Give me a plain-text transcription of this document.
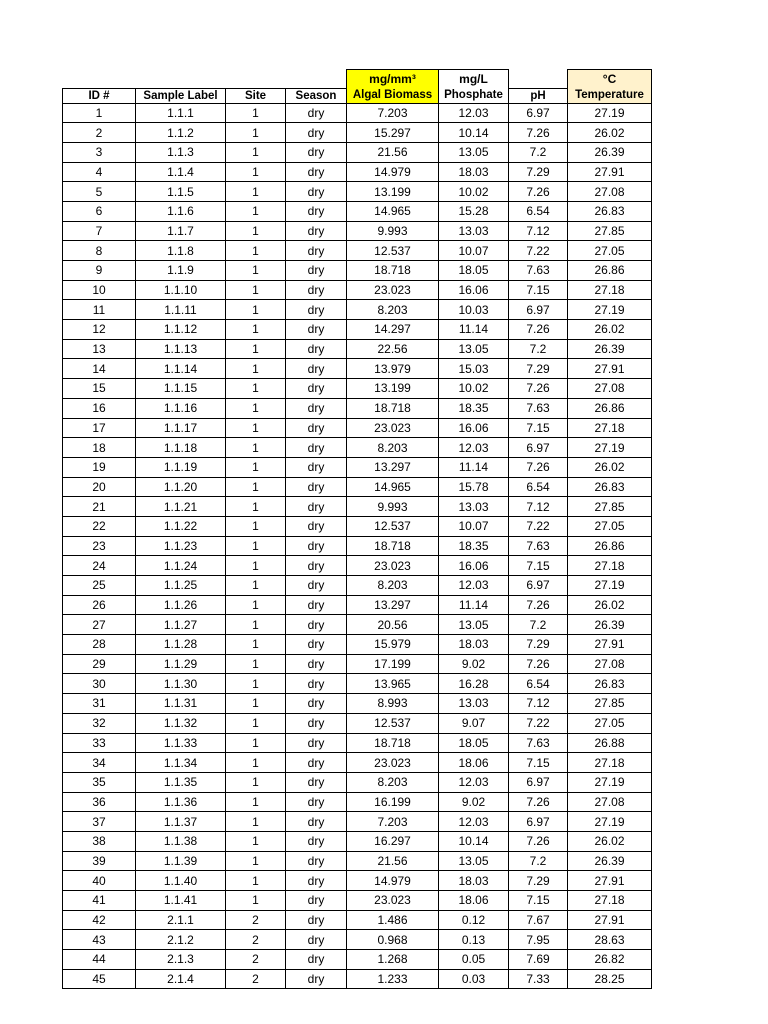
				mg/mm³	mg/L		°C
ID #	Sample Label	Site	Season	Algal Biomass	Phosphate	pH	Temperature
1	1.1.1	1	dry	7.203	12.03	6.97	27.19
2	1.1.2	1	dry	15.297	10.14	7.26	26.02
3	1.1.3	1	dry	21.56	13.05	7.2	26.39
4	1.1.4	1	dry	14.979	18.03	7.29	27.91
5	1.1.5	1	dry	13.199	10.02	7.26	27.08
6	1.1.6	1	dry	14.965	15.28	6.54	26.83
7	1.1.7	1	dry	9.993	13.03	7.12	27.85
8	1.1.8	1	dry	12.537	10.07	7.22	27.05
9	1.1.9	1	dry	18.718	18.05	7.63	26.86
10	1.1.10	1	dry	23.023	16.06	7.15	27.18
11	1.1.11	1	dry	8.203	10.03	6.97	27.19
12	1.1.12	1	dry	14.297	11.14	7.26	26.02
13	1.1.13	1	dry	22.56	13.05	7.2	26.39
14	1.1.14	1	dry	13.979	15.03	7.29	27.91
15	1.1.15	1	dry	13.199	10.02	7.26	27.08
16	1.1.16	1	dry	18.718	18.35	7.63	26.86
17	1.1.17	1	dry	23.023	16.06	7.15	27.18
18	1.1.18	1	dry	8.203	12.03	6.97	27.19
19	1.1.19	1	dry	13.297	11.14	7.26	26.02
20	1.1.20	1	dry	14.965	15.78	6.54	26.83
21	1.1.21	1	dry	9.993	13.03	7.12	27.85
22	1.1.22	1	dry	12.537	10.07	7.22	27.05
23	1.1.23	1	dry	18.718	18.35	7.63	26.86
24	1.1.24	1	dry	23.023	16.06	7.15	27.18
25	1.1.25	1	dry	8.203	12.03	6.97	27.19
26	1.1.26	1	dry	13.297	11.14	7.26	26.02
27	1.1.27	1	dry	20.56	13.05	7.2	26.39
28	1.1.28	1	dry	15.979	18.03	7.29	27.91
29	1.1.29	1	dry	17.199	9.02	7.26	27.08
30	1.1.30	1	dry	13.965	16.28	6.54	26.83
31	1.1.31	1	dry	8.993	13.03	7.12	27.85
32	1.1.32	1	dry	12.537	9.07	7.22	27.05
33	1.1.33	1	dry	18.718	18.05	7.63	26.88
34	1.1.34	1	dry	23.023	18.06	7.15	27.18
35	1.1.35	1	dry	8.203	12.03	6.97	27.19
36	1.1.36	1	dry	16.199	9.02	7.26	27.08
37	1.1.37	1	dry	7.203	12.03	6.97	27.19
38	1.1.38	1	dry	16.297	10.14	7.26	26.02
39	1.1.39	1	dry	21.56	13.05	7.2	26.39
40	1.1.40	1	dry	14.979	18.03	7.29	27.91
41	1.1.41	1	dry	23.023	18.06	7.15	27.18
42	2.1.1	2	dry	1.486	0.12	7.67	27.91
43	2.1.2	2	dry	0.968	0.13	7.95	28.63
44	2.1.3	2	dry	1.268	0.05	7.69	26.82
45	2.1.4	2	dry	1.233	0.03	7.33	28.25
